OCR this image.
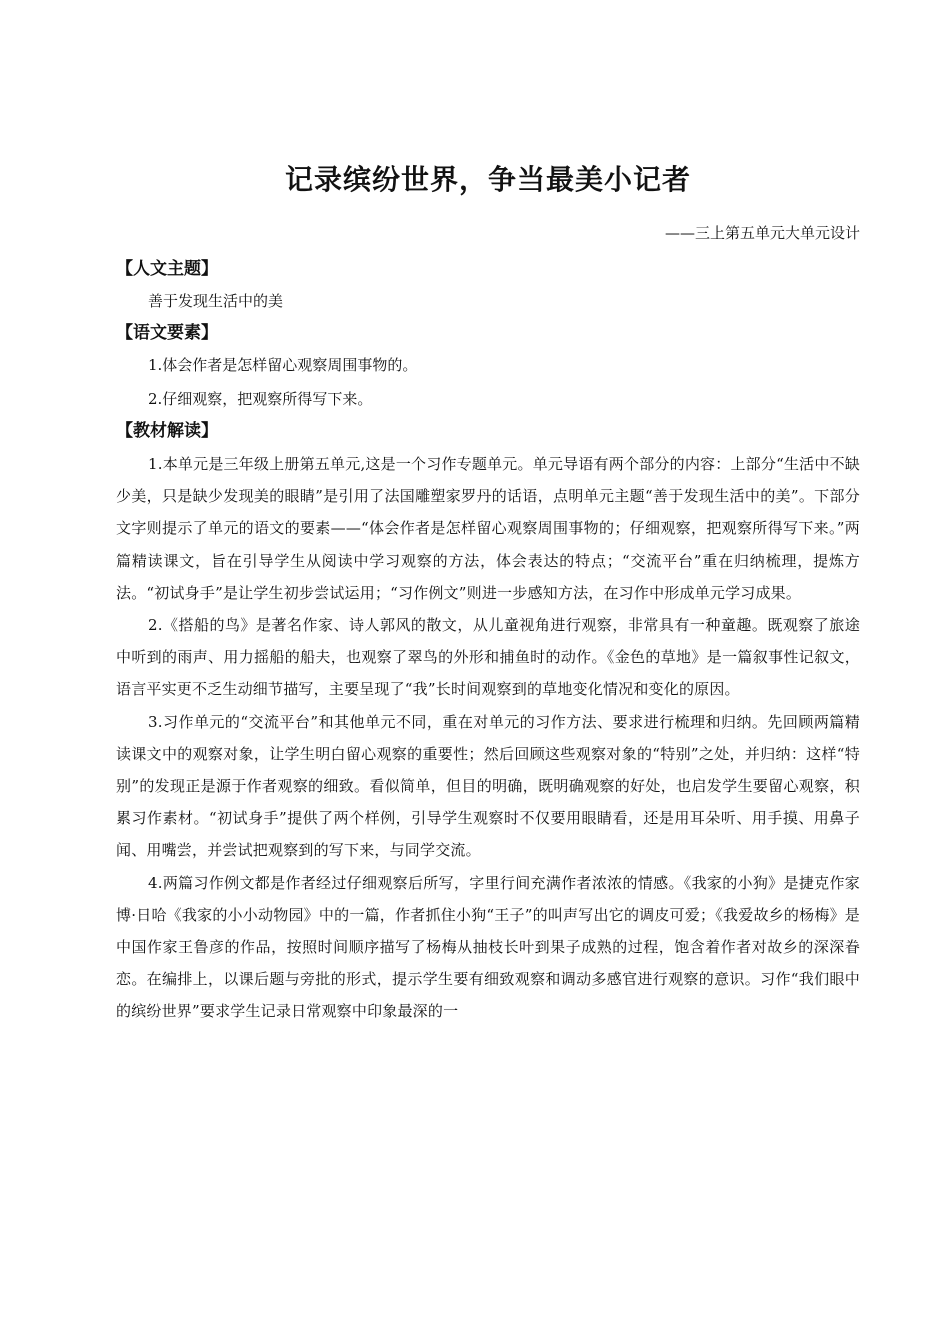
记录缤纷世界，争当最美小记者

——三上第五单元大单元设计

【人文主题】

善于发现生活中的美

【语文要素】

1.体会作者是怎样留心观察周围事物的。

2.仔细观察，把观察所得写下来。

【教材解读】

1.本单元是三年级上册第五单元,这是一个习作专题单元。单元导语有两个部分的内容：上部分“生活中不缺少美，只是缺少发现美的眼睛”是引用了法国雕塑家罗丹的话语，点明单元主题“善于发现生活中的美”。下部分文字则提示了单元的语文的要素——“体会作者是怎样留心观察周围事物的；仔细观察，把观察所得写下来。”两篇精读课文，旨在引导学生从阅读中学习观察的方法，体会表达的特点；“交流平台”重在归纳梳理，提炼方法。“初试身手”是让学生初步尝试运用；“习作例文”则进一步感知方法，在习作中形成单元学习成果。

2.《搭船的鸟》是著名作家、诗人郭风的散文，从儿童视角进行观察，非常具有一种童趣。既观察了旅途中听到的雨声、用力摇船的船夫，也观察了翠鸟的外形和捕鱼时的动作。《金色的草地》是一篇叙事性记叙文，语言平实更不乏生动细节描写，主要呈现了“我”长时间观察到的草地变化情况和变化的原因。

3.习作单元的“交流平台”和其他单元不同，重在对单元的习作方法、要求进行梳理和归纳。先回顾两篇精读课文中的观察对象，让学生明白留心观察的重要性；然后回顾这些观察对象的“特别”之处，并归纳：这样“特别”的发现正是源于作者观察的细致。看似简单，但目的明确，既明确观察的好处，也启发学生要留心观察，积累习作素材。“初试身手”提供了两个样例，引导学生观察时不仅要用眼睛看，还是用耳朵听、用手摸、用鼻子闻、用嘴尝，并尝试把观察到的写下来，与同学交流。

4.两篇习作例文都是作者经过仔细观察后所写，字里行间充满作者浓浓的情感。《我家的小狗》是捷克作家博·日哈《我家的小小动物园》中的一篇，作者抓住小狗“王子”的叫声写出它的调皮可爱；《我爱故乡的杨梅》是中国作家王鲁彦的作品，按照时间顺序描写了杨梅从抽枝长叶到果子成熟的过程，饱含着作者对故乡的深深眷恋。在编排上，以课后题与旁批的形式，提示学生要有细致观察和调动多感官进行观察的意识。习作“我们眼中的缤纷世界”要求学生记录日常观察中印象最深的一
